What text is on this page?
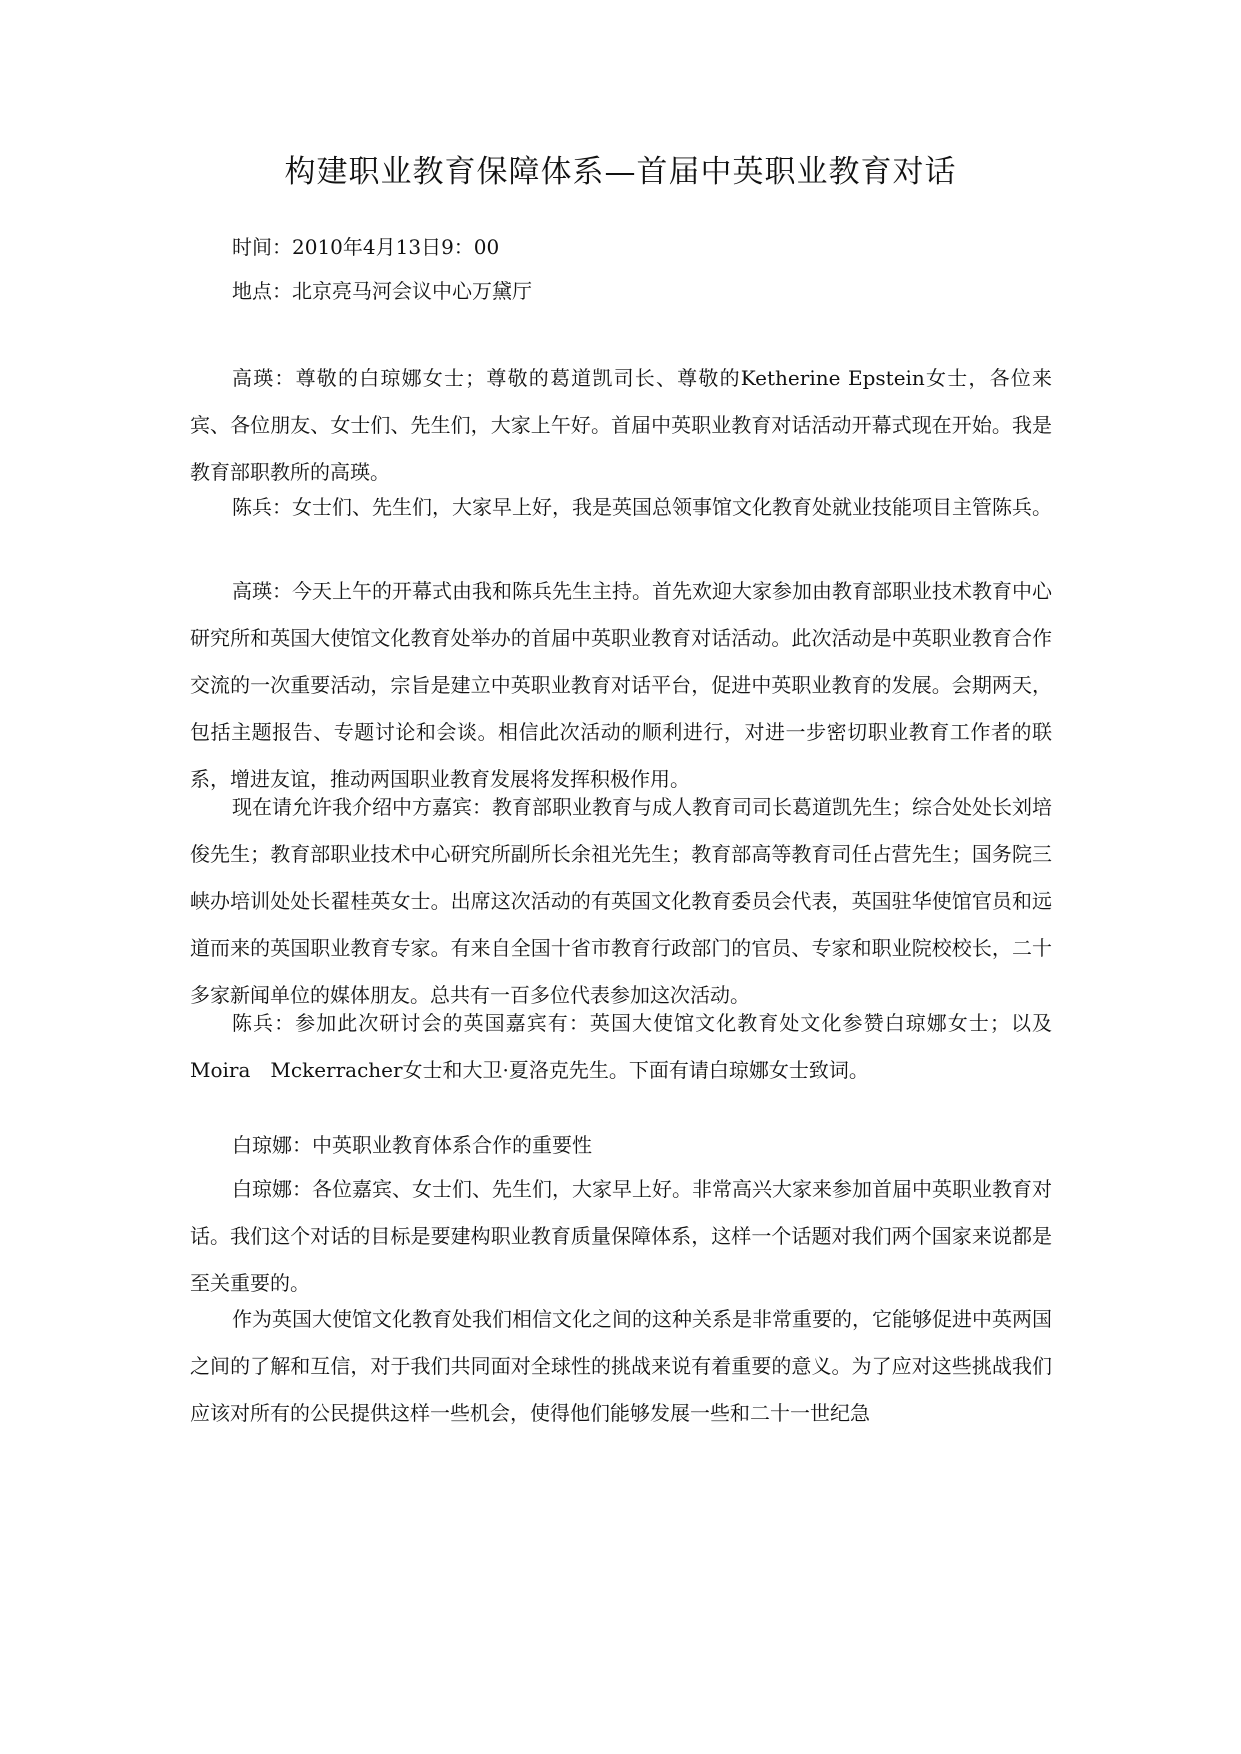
构建职业教育保障体系—首届中英职业教育对话

时间：2010年4月13日9：00

地点：北京亮马河会议中心万黛厅

高瑛：尊敬的白琼娜女士；尊敬的葛道凯司长、尊敬的Ketherine Epstein女士，各位来宾、各位朋友、女士们、先生们，大家上午好。首届中英职业教育对话活动开幕式现在开始。我是教育部职教所的高瑛。

陈兵：女士们、先生们，大家早上好，我是英国总领事馆文化教育处就业技能项目主管陈兵。

高瑛：今天上午的开幕式由我和陈兵先生主持。首先欢迎大家参加由教育部职业技术教育中心研究所和英国大使馆文化教育处举办的首届中英职业教育对话活动。此次活动是中英职业教育合作交流的一次重要活动，宗旨是建立中英职业教育对话平台，促进中英职业教育的发展。会期两天，包括主题报告、专题讨论和会谈。相信此次活动的顺利进行，对进一步密切职业教育工作者的联系，增进友谊，推动两国职业教育发展将发挥积极作用。

现在请允许我介绍中方嘉宾：教育部职业教育与成人教育司司长葛道凯先生；综合处处长刘培俊先生；教育部职业技术中心研究所副所长余祖光先生；教育部高等教育司任占营先生；国务院三峡办培训处处长翟桂英女士。出席这次活动的有英国文化教育委员会代表，英国驻华使馆官员和远道而来的英国职业教育专家。有来自全国十省市教育行政部门的官员、专家和职业院校校长，二十多家新闻单位的媒体朋友。总共有一百多位代表参加这次活动。

陈兵：参加此次研讨会的英国嘉宾有：英国大使馆文化教育处文化参赞白琼娜女士；以及Moira　Mckerracher女士和大卫·夏洛克先生。下面有请白琼娜女士致词。

白琼娜：中英职业教育体系合作的重要性

白琼娜：各位嘉宾、女士们、先生们，大家早上好。非常高兴大家来参加首届中英职业教育对话。我们这个对话的目标是要建构职业教育质量保障体系，这样一个话题对我们两个国家来说都是至关重要的。

作为英国大使馆文化教育处我们相信文化之间的这种关系是非常重要的，它能够促进中英两国之间的了解和互信，对于我们共同面对全球性的挑战来说有着重要的意义。为了应对这些挑战我们应该对所有的公民提供这样一些机会，使得他们能够发展一些和二十一世纪急
